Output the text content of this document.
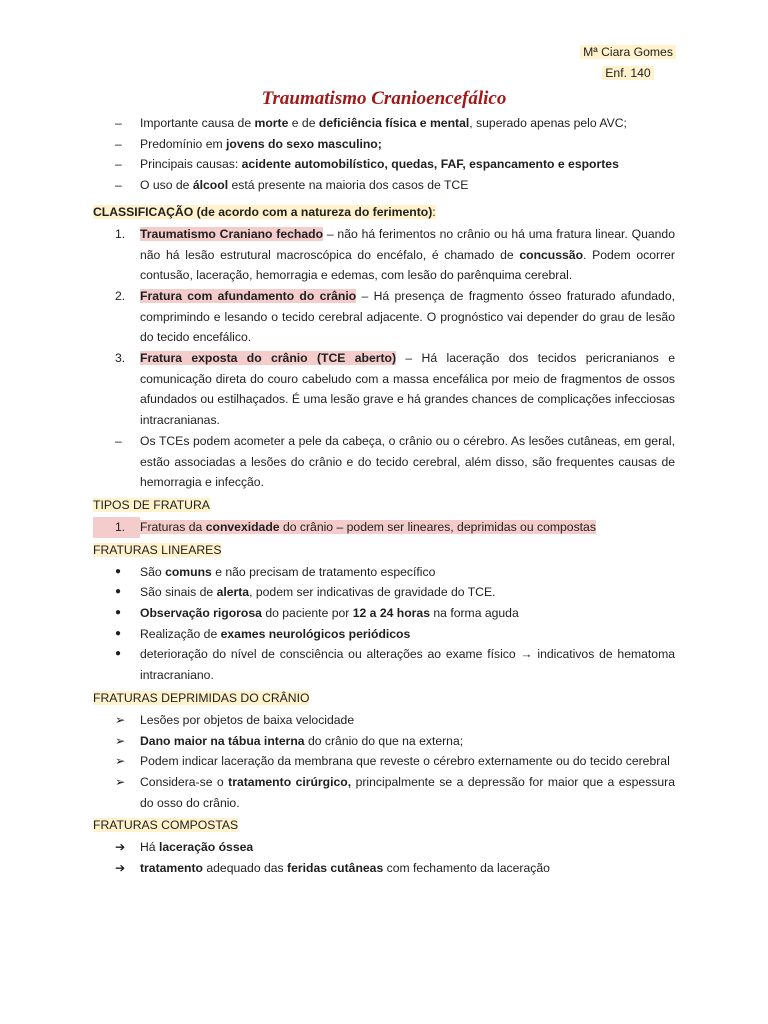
Mª Ciara Gomes
Enf. 140
Traumatismo Cranioencefálico
–	Importante causa de morte e de deficiência física e mental, superado apenas pelo AVC;
–	Predomínio em jovens do sexo masculino;
–	Principais causas: acidente automobilístico, quedas, FAF, espancamento e esportes
–	O uso de álcool está presente na maioria dos casos de TCE
CLASSIFICAÇÃO (de acordo com a natureza do ferimento):
1.	Traumatismo Craniano fechado – não há ferimentos no crânio ou há uma fratura linear. Quando não há lesão estrutural macroscópica do encéfalo, é chamado de concussão. Podem ocorrer contusão, laceração, hemorragia e edemas, com lesão do parênquima cerebral.
2.	Fratura com afundamento do crânio – Há presença de fragmento ósseo fraturado afundado, comprimindo e lesando o tecido cerebral adjacente. O prognóstico vai depender do grau de lesão do tecido encefálico.
3.	Fratura exposta do crânio (TCE aberto) – Há laceração dos tecidos pericranianos e comunicação direta do couro cabeludo com a massa encefálica por meio de fragmentos de ossos afundados ou estilhaçados. É uma lesão grave e há grandes chances de complicações infecciosas intracranianas.
–	Os TCEs podem acometer a pele da cabeça, o crânio ou o cérebro. As lesões cutâneas, em geral, estão associadas a lesões do crânio e do tecido cerebral, além disso, são frequentes causas de hemorragia e infecção.
TIPOS DE FRATURA
1.	Fraturas da convexidade do crânio – podem ser lineares, deprimidas ou compostas
FRATURAS LINEARES
●	São comuns e não precisam de tratamento específico
●	São sinais de alerta, podem ser indicativas de gravidade do TCE.
●	Observação rigorosa do paciente por 12 a 24 horas na forma aguda
●	Realização de exames neurológicos periódicos
●	deterioração do nível de consciência ou alterações ao exame físico → indicativos de hematoma intracraniano.
FRATURAS DEPRIMIDAS DO CRÂNIO
➢	Lesões por objetos de baixa velocidade
➢	Dano maior na tábua interna do crânio do que na externa;
➢	Podem indicar laceração da membrana que reveste o cérebro externamente ou do tecido cerebral
➢	Considera-se o tratamento cirúrgico, principalmente se a depressão for maior que a espessura do osso do crânio.
FRATURAS COMPOSTAS
➔	Há laceração óssea
➔	tratamento adequado das feridas cutâneas com fechamento da laceração
